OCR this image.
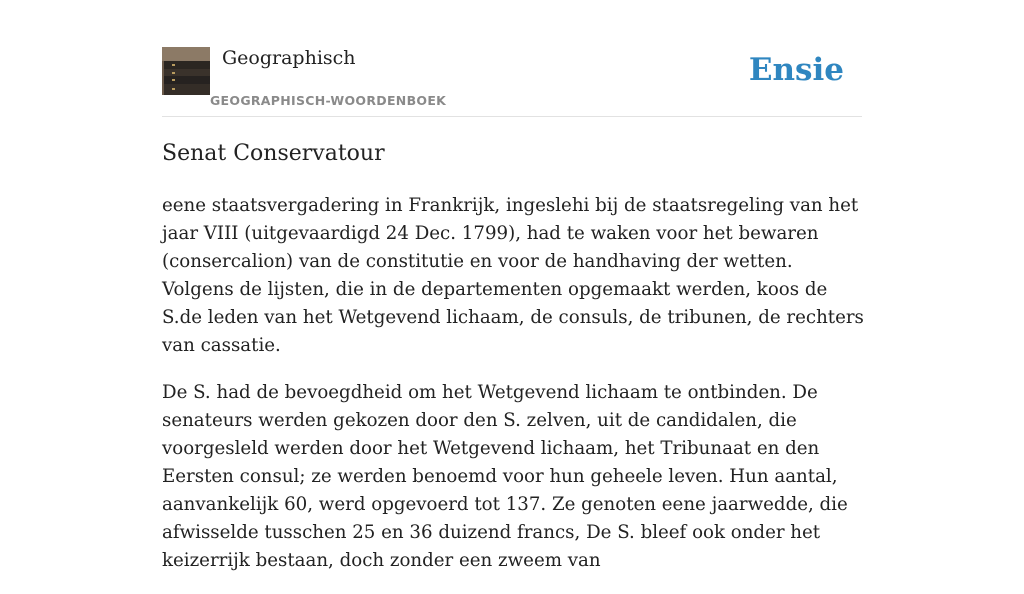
Geographisch
GEOGRAPHISCH-WOORDENBOEK
Ensie
Senat Conservatour

eene staatsvergadering in Frankrijk, ingeslehi bij de staatsregeling van het jaar VIII (uitgevaardigd 24 Dec. 1799), had te waken voor het bewaren (consercalion) van de constitutie en voor de handhaving der wetten. Volgens de lijsten, die in de departementen opgemaakt werden, koos de S.de leden van het Wetgevend lichaam, de consuls, de tribunen, de rechters van cassatie.

De S. had de bevoegdheid om het Wetgevend lichaam te ontbinden. De senateurs werden gekozen door den S. zelven, uit de candidalen, die voorgesleld werden door het Wetgevend lichaam, het Tribunaat en den Eersten consul; ze werden benoemd voor hun geheele leven. Hun aantal, aanvankelijk 60, werd opgevoerd tot 137. Ze genoten eene jaarwedde, die afwisselde tusschen 25 en 36 duizend francs, De S. bleef ook onder het keizerrijk bestaan, doch zonder een zweem van
